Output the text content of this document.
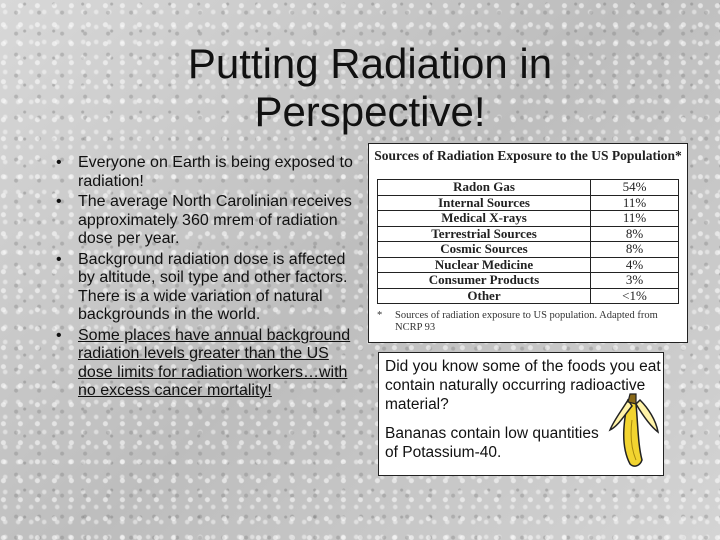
Putting Radiation in Perspective!
• Everyone on Earth is being exposed to radiation!
• The average North Carolinian receives approximately 360 mrem of radiation dose per year.
• Background radiation dose is affected by altitude, soil type and other factors. There is a wide variation of natural backgrounds in the world.
• Some places have annual background radiation levels greater than the US dose limits for radiation workers…with no excess cancer mortality!
Sources of Radiation Exposure to the US Population*
Radon Gas	54%
Internal Sources	11%
Medical X-rays	11%
Terrestrial Sources	8%
Cosmic Sources	8%
Nuclear Medicine	4%
Consumer Products	3%
Other	<1%
*	Sources of radiation exposure to US population. Adapted from NCRP 93

Did you know some of the foods you eat contain naturally occurring radioactive material?

Bananas contain low quantities of Potassium-40.
